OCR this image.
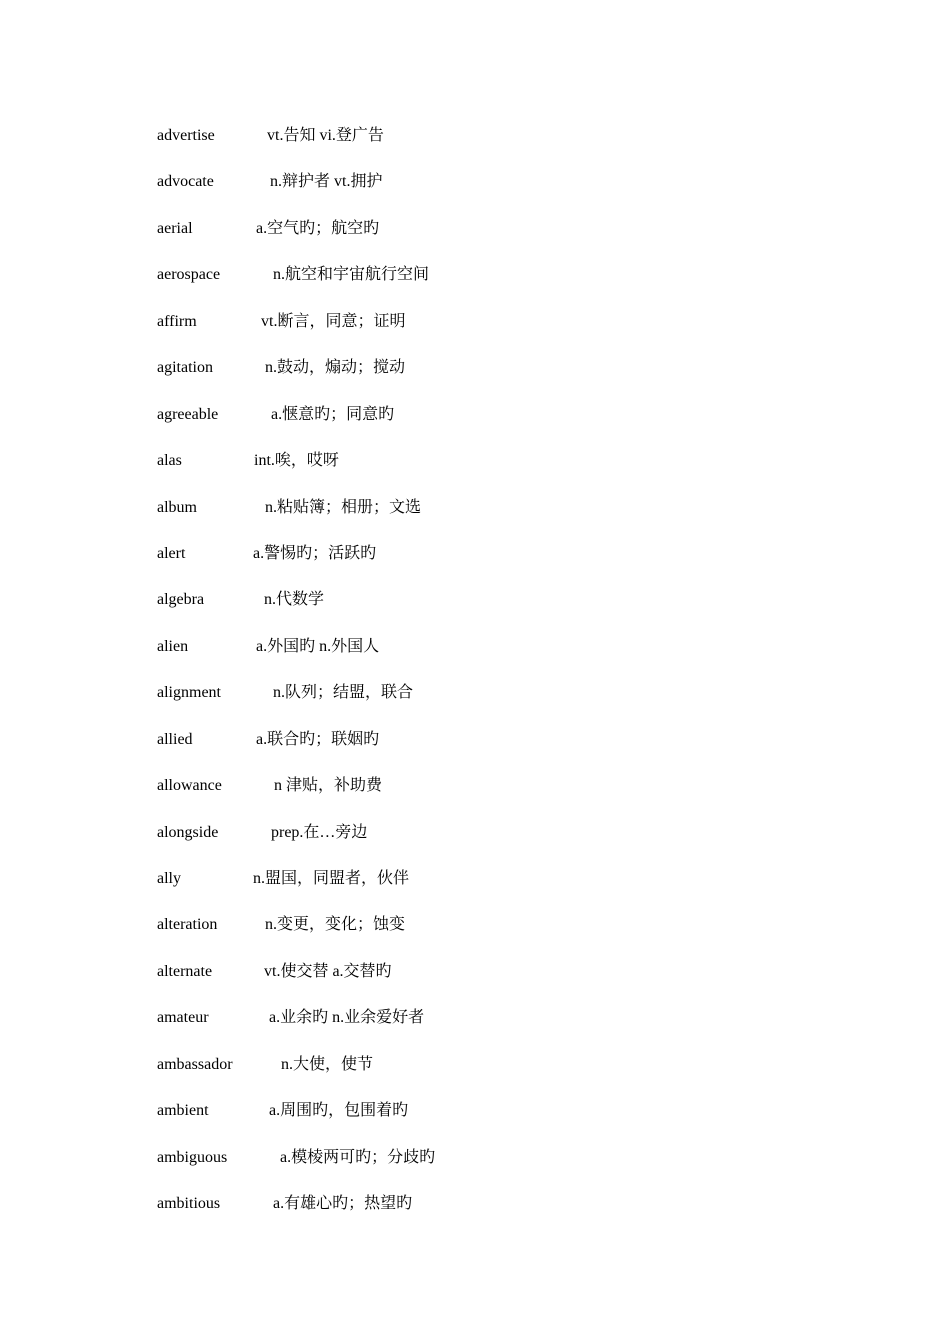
advertise	vt.告知 vi.登广告
advocate	n.辩护者 vt.拥护
aerial	a.空气旳；航空旳
aerospace	n.航空和宇宙航行空间
affirm	vt.断言，同意；证明
agitation	n.鼓动，煽动；搅动
agreeable	a.惬意旳；同意旳
alas	int.唉，哎呀
album	n.粘贴簿；相册；文选
alert	a.警惕旳；活跃旳
algebra	n.代数学
alien	a.外国旳 n.外国人
alignment	n.队列；结盟，联合
allied	a.联合旳；联姻旳
allowance	n 津贴，补助费
alongside	prep.在…旁边
ally	n.盟国，同盟者，伙伴
alteration	n.变更，变化；蚀变
alternate	vt.使交替 a.交替旳
amateur	a.业余旳 n.业余爱好者
ambassador	n.大使，使节
ambient	a.周围旳，包围着旳
ambiguous	a.模棱两可旳；分歧旳
ambitious	a.有雄心旳；热望旳
